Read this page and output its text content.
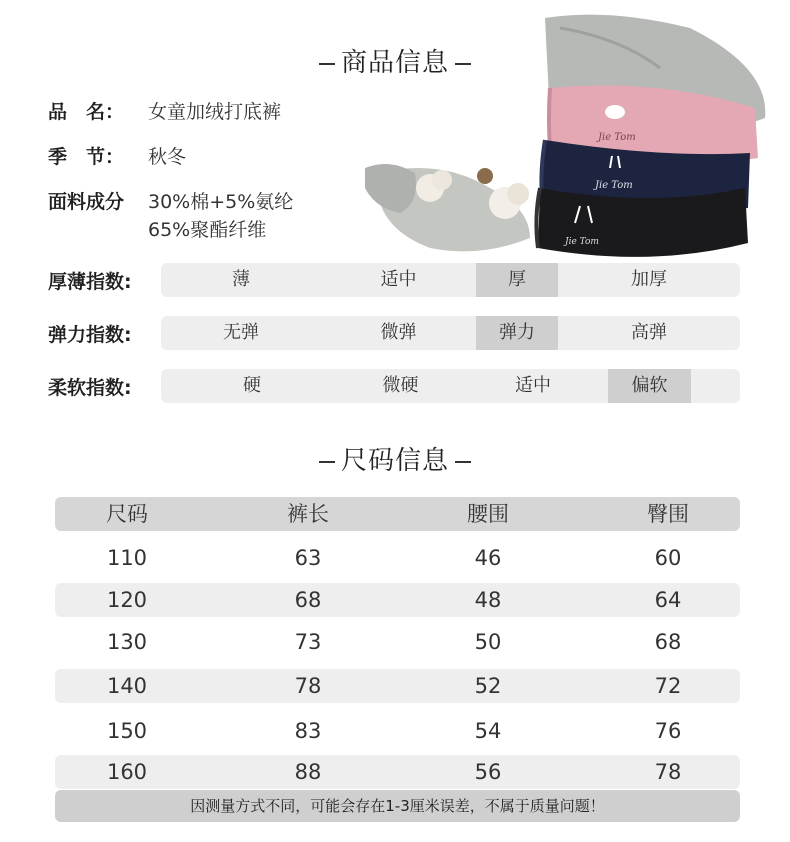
商品信息
Jie Tom
Jie Tom
Jie Tom
品　名：	女童加绒打底裤
季　节：	秋冬
面料成分	30%棉+5%氨纶
65%聚酯纤维
厚薄指数:	薄	适中	厚	加厚
弹力指数:	无弹	微弹	弹力	高弹
柔软指数:	硬	微硬	适中	偏软
尺码信息
尺码	裤长	腰围	臀围
110	63	46	60
120	68	48	64
130	73	50	68
140	78	52	72
150	83	54	76
160	88	56	78
因测量方式不同，可能会存在1-3厘米误差，不属于质量问题！
